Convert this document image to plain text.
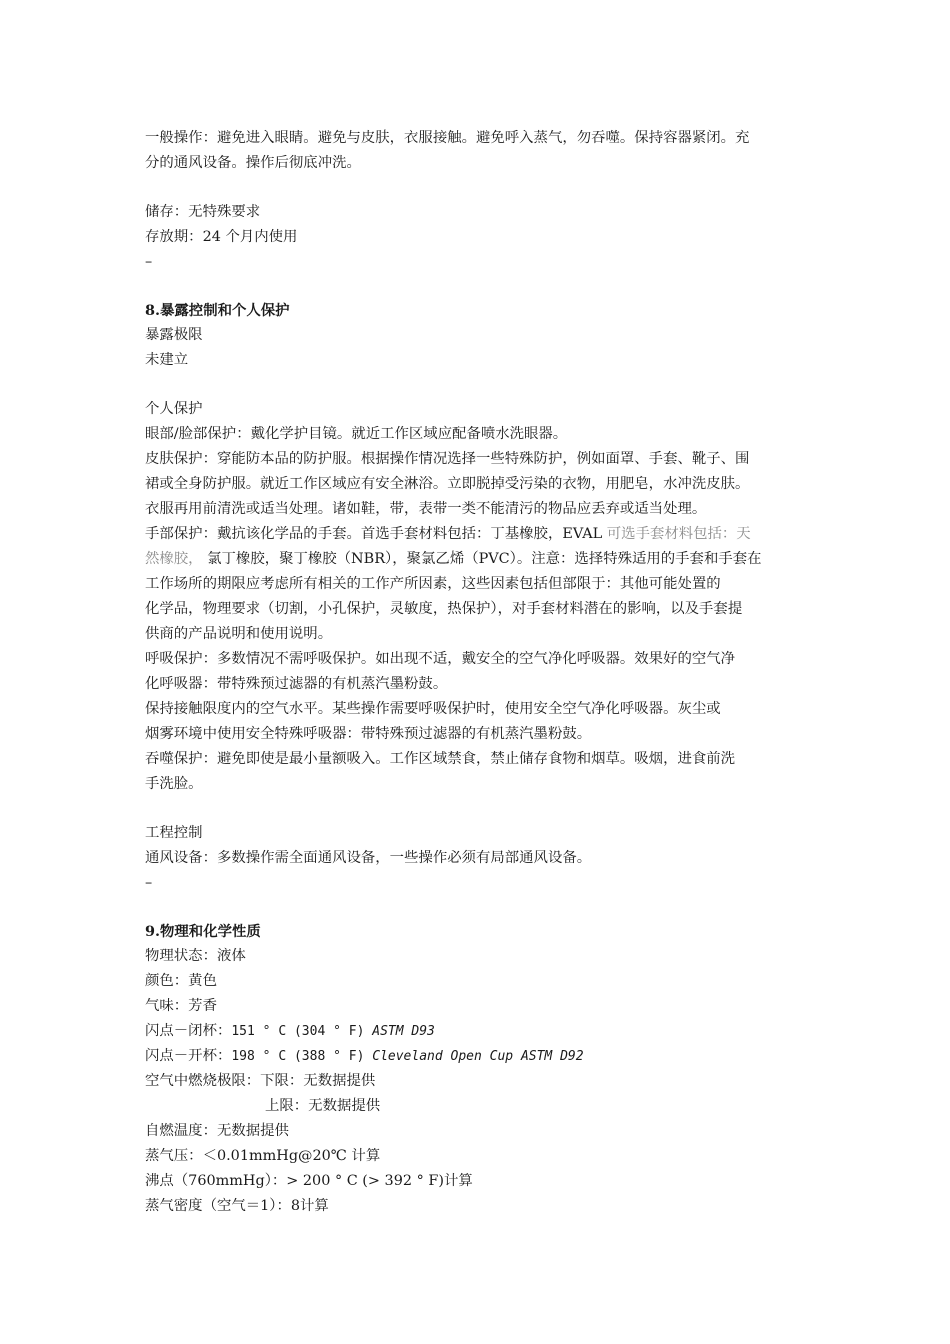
一般操作：避免进入眼睛。避免与皮肤，衣服接触。避免呼入蒸气，勿吞噬。保持容器紧闭。充
分的通风设备。操作后彻底冲洗。
储存：无特殊要求
存放期：24 个月内使用
–
8.暴露控制和个人保护
暴露极限
未建立
个人保护
眼部/脸部保护：戴化学护目镜。就近工作区域应配备喷水洗眼器。
皮肤保护：穿能防本品的防护服。根据操作情况选择一些特殊防护，例如面罩、手套、靴子、围
裙或全身防护服。就近工作区域应有安全淋浴。立即脱掉受污染的衣物，用肥皂，水冲洗皮肤。
衣服再用前清洗或适当处理。诸如鞋，带，表带一类不能清污的物品应丢弃或适当处理。
手部保护：戴抗该化学品的手套。首选手套材料包括：丁基橡胶，EVAL 可选手套材料包括：天
然橡胶， 氯丁橡胶，聚丁橡胶（NBR），聚氯乙烯（PVC）。注意：选择特殊适用的手套和手套在
工作场所的期限应考虑所有相关的工作产所因素，这些因素包括但部限于：其他可能处置的
化学品，物理要求（切割，小孔保护，灵敏度，热保护），对手套材料潜在的影响，以及手套提
供商的产品说明和使用说明。
呼吸保护：多数情况不需呼吸保护。如出现不适，戴安全的空气净化呼吸器。效果好的空气净
化呼吸器：带特殊预过滤器的有机蒸汽墨粉鼓。
保持接触限度内的空气水平。某些操作需要呼吸保护时，使用安全空气净化呼吸器。灰尘或
烟雾环境中使用安全特殊呼吸器：带特殊预过滤器的有机蒸汽墨粉鼓。
吞噬保护：避免即使是最小量额吸入。工作区域禁食，禁止储存食物和烟草。吸烟，进食前洗
手洗脸。
工程控制
通风设备：多数操作需全面通风设备，一些操作必须有局部通风设备。
–
9.物理和化学性质
物理状态：液体
颜色：黄色
气味：芳香
闪点－闭杯：151 ° C (304 ° F) ASTM D93
闪点－开杯：198 ° C (388 ° F) Cleveland Open Cup ASTM D92
空气中燃烧极限：下限：无数据提供
上限：无数据提供
自燃温度：无数据提供
蒸气压：＜0.01mmHg@20℃ 计算
沸点（760mmHg）：> 200 ° C (> 392 ° F)计算
蒸气密度（空气＝1）：8计算
